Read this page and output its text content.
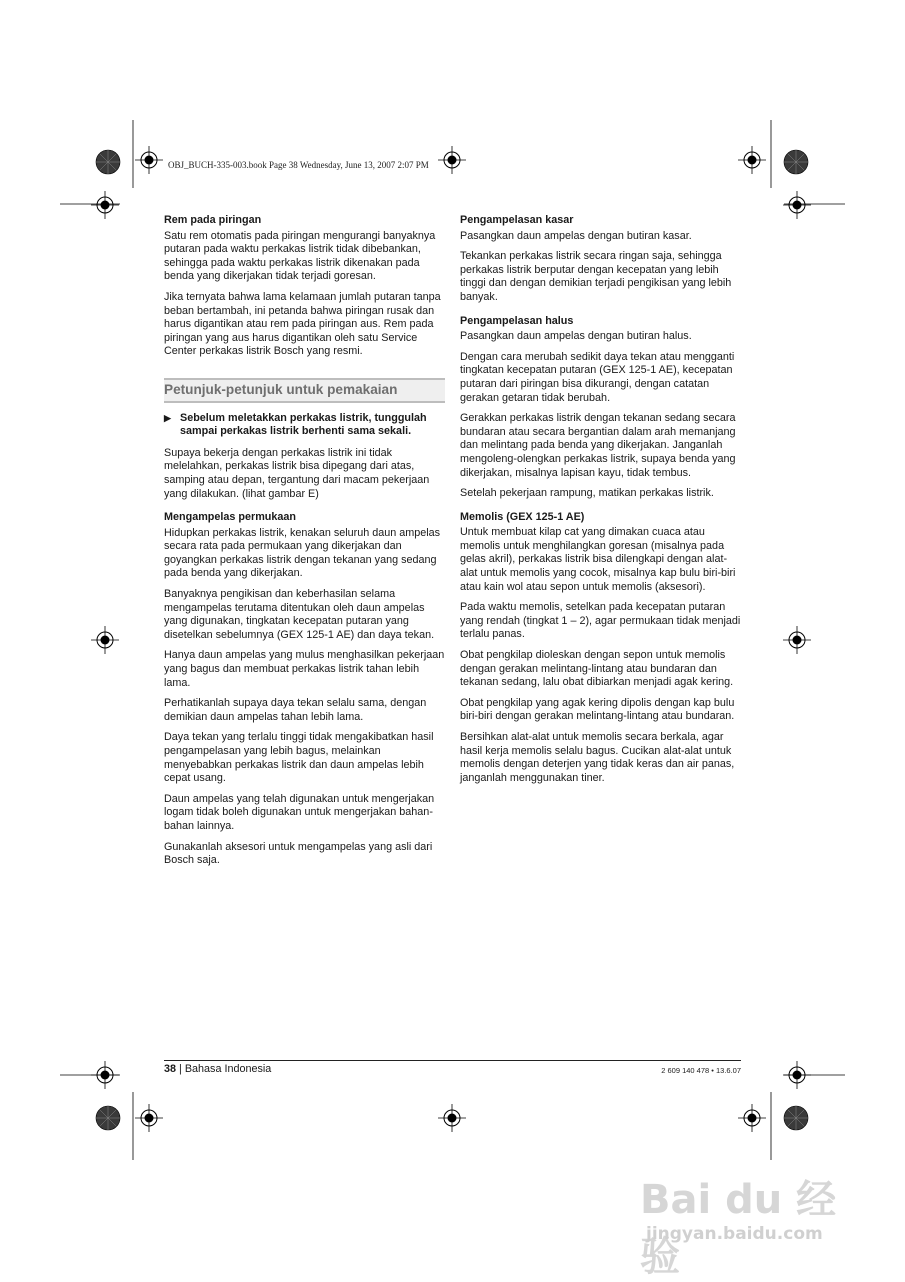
OBJ_BUCH-335-003.book Page 38 Wednesday, June 13, 2007 2:07 PM
Rem pada piringan

Satu rem otomatis pada piringan mengurangi banyaknya putaran pada waktu perkakas listrik tidak dibebankan, sehingga pada waktu perkakas listrik dikenakan pada benda yang dikerjakan tidak terjadi goresan.

Jika ternyata bahwa lama kelamaan jumlah putaran tanpa beban bertambah, ini petanda bahwa piringan rusak dan harus digantikan atau rem pada piringan aus. Rem pada piringan yang aus harus digantikan oleh satu Service Center perkakas listrik Bosch yang resmi.

Petunjuk-petunjuk untuk pemakaian
▶ Sebelum meletakkan perkakas listrik, tunggulah sampai perkakas listrik berhenti sama sekali.

Supaya bekerja dengan perkakas listrik ini tidak melelahkan, perkakas listrik bisa dipegang dari atas, samping atau depan, tergantung dari macam pekerjaan yang dilakukan. (lihat gambar E)

Mengampelas permukaan

Hidupkan perkakas listrik, kenakan seluruh daun ampelas secara rata pada permukaan yang dikerjakan dan goyangkan perkakas listrik dengan tekanan yang sedang pada benda yang dikerjakan.

Banyaknya pengikisan dan keberhasilan selama mengampelas terutama ditentukan oleh daun ampelas yang digunakan, tingkatan kecepatan putaran yang disetelkan sebelumnya (GEX 125-1 AE) dan daya tekan.

Hanya daun ampelas yang mulus menghasilkan pekerjaan yang bagus dan membuat perkakas listrik tahan lebih lama.

Perhatikanlah supaya daya tekan selalu sama, dengan demikian daun ampelas tahan lebih lama.

Daya tekan yang terlalu tinggi tidak mengakibatkan hasil pengampelasan yang lebih bagus, melainkan menyebabkan perkakas listrik dan daun ampelas lebih cepat usang.

Daun ampelas yang telah digunakan untuk mengerjakan logam tidak boleh digunakan untuk mengerjakan bahan-bahan lainnya.

Gunakanlah aksesori untuk mengampelas yang asli dari Bosch saja.

Pengampelasan kasar

Pasangkan daun ampelas dengan butiran kasar.

Tekankan perkakas listrik secara ringan saja, sehingga perkakas listrik berputar dengan kecepatan yang lebih tinggi dan dengan demikian terjadi pengikisan yang lebih banyak.

Pengampelasan halus

Pasangkan daun ampelas dengan butiran halus.

Dengan cara merubah sedikit daya tekan atau mengganti tingkatan kecepatan putaran (GEX 125-1 AE), kecepatan putaran dari piringan bisa dikurangi, dengan catatan gerakan getaran tidak berubah.

Gerakkan perkakas listrik dengan tekanan sedang secara bundaran atau secara bergantian dalam arah memanjang dan melintang pada benda yang dikerjakan. Janganlah mengoleng-olengkan perkakas listrik, supaya benda yang dikerjakan, misalnya lapisan kayu, tidak tembus.

Setelah pekerjaan rampung, matikan perkakas listrik.

Memolis (GEX 125-1 AE)

Untuk membuat kilap cat yang dimakan cuaca atau memolis untuk menghilangkan goresan (misalnya pada gelas akril), perkakas listrik bisa dilengkapi dengan alat-alat untuk memolis yang cocok, misalnya kap bulu biri-biri atau kain wol atau sepon untuk memolis (aksesori).

Pada waktu memolis, setelkan pada kecepatan putaran yang rendah (tingkat 1 – 2), agar permukaan tidak menjadi terlalu panas.

Obat pengkilap dioleskan dengan sepon untuk memolis dengan gerakan melintang-lintang atau bundaran dan tekanan sedang, lalu obat dibiarkan menjadi agak kering.

Obat pengkilap yang agak kering dipolis dengan kap bulu biri-biri dengan gerakan melintang-lintang atau bundaran.

Bersihkan alat-alat untuk memolis secara berkala, agar hasil kerja memolis selalu bagus. Cucikan alat-alat untuk memolis dengan deterjen yang tidak keras dan air panas, janganlah menggunakan tiner.

38 | Bahasa Indonesia	2 609 140 478 • 13.6.07
Bai du 经验
jingyan.baidu.com
